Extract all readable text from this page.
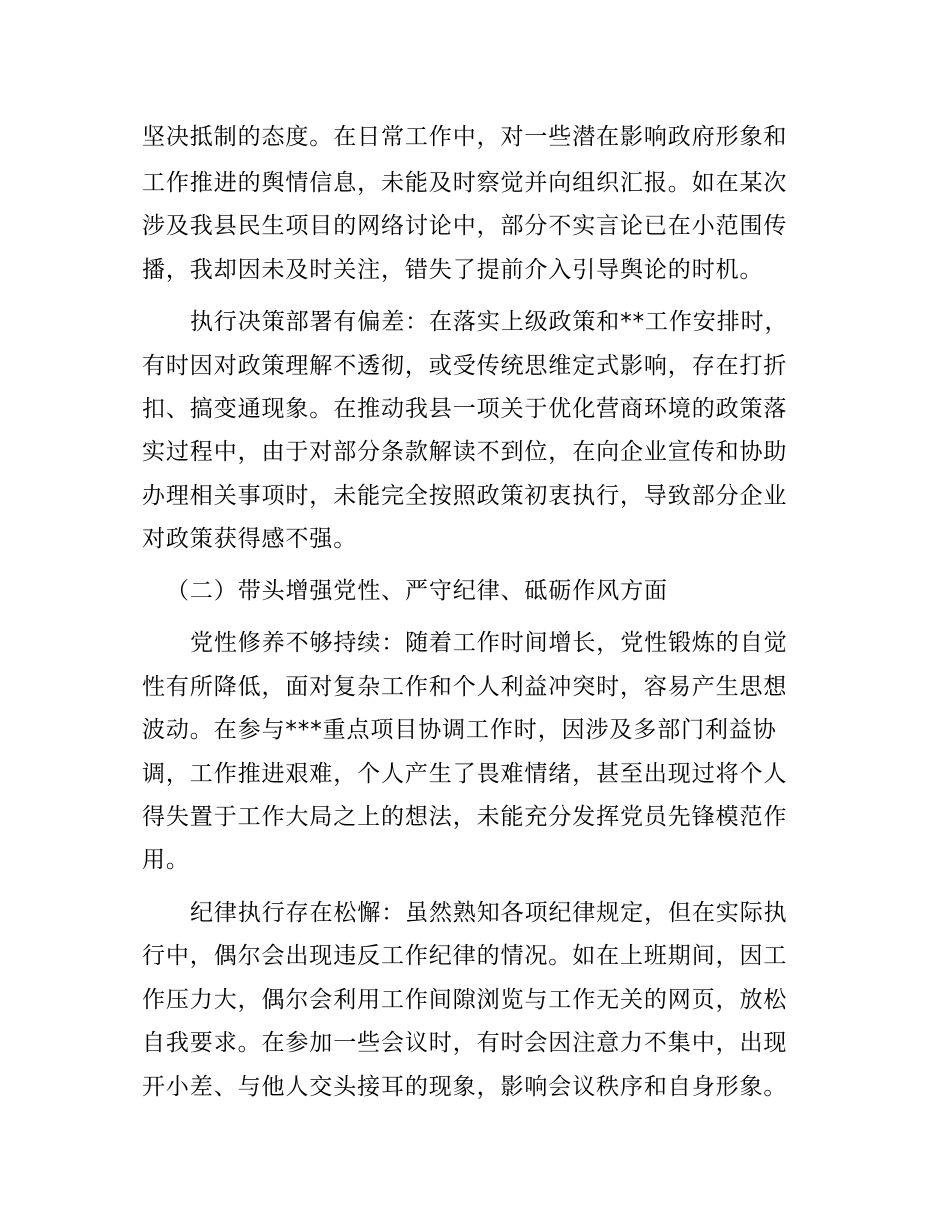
坚决抵制的态度。在日常工作中，对一些潜在影响政府形象和
工作推进的舆情信息，未能及时察觉并向组织汇报。如在某次
涉及我县民生项目的网络讨论中，部分不实言论已在小范围传
播，我却因未及时关注，错失了提前介入引导舆论的时机。
执行决策部署有偏差：在落实上级政策和**工作安排时，
有时因对政策理解不透彻，或受传统思维定式影响，存在打折
扣、搞变通现象。在推动我县一项关于优化营商环境的政策落
实过程中，由于对部分条款解读不到位，在向企业宣传和协助
办理相关事项时，未能完全按照政策初衷执行，导致部分企业
对政策获得感不强。
（二）带头增强党性、严守纪律、砥砺作风方面
党性修养不够持续：随着工作时间增长，党性锻炼的自觉
性有所降低，面对复杂工作和个人利益冲突时，容易产生思想
波动。在参与***重点项目协调工作时，因涉及多部门利益协
调，工作推进艰难，个人产生了畏难情绪，甚至出现过将个人
得失置于工作大局之上的想法，未能充分发挥党员先锋模范作
用。
纪律执行存在松懈：虽然熟知各项纪律规定，但在实际执
行中，偶尔会出现违反工作纪律的情况。如在上班期间，因工
作压力大，偶尔会利用工作间隙浏览与工作无关的网页，放松
自我要求。在参加一些会议时，有时会因注意力不集中，出现
开小差、与他人交头接耳的现象，影响会议秩序和自身形象。
